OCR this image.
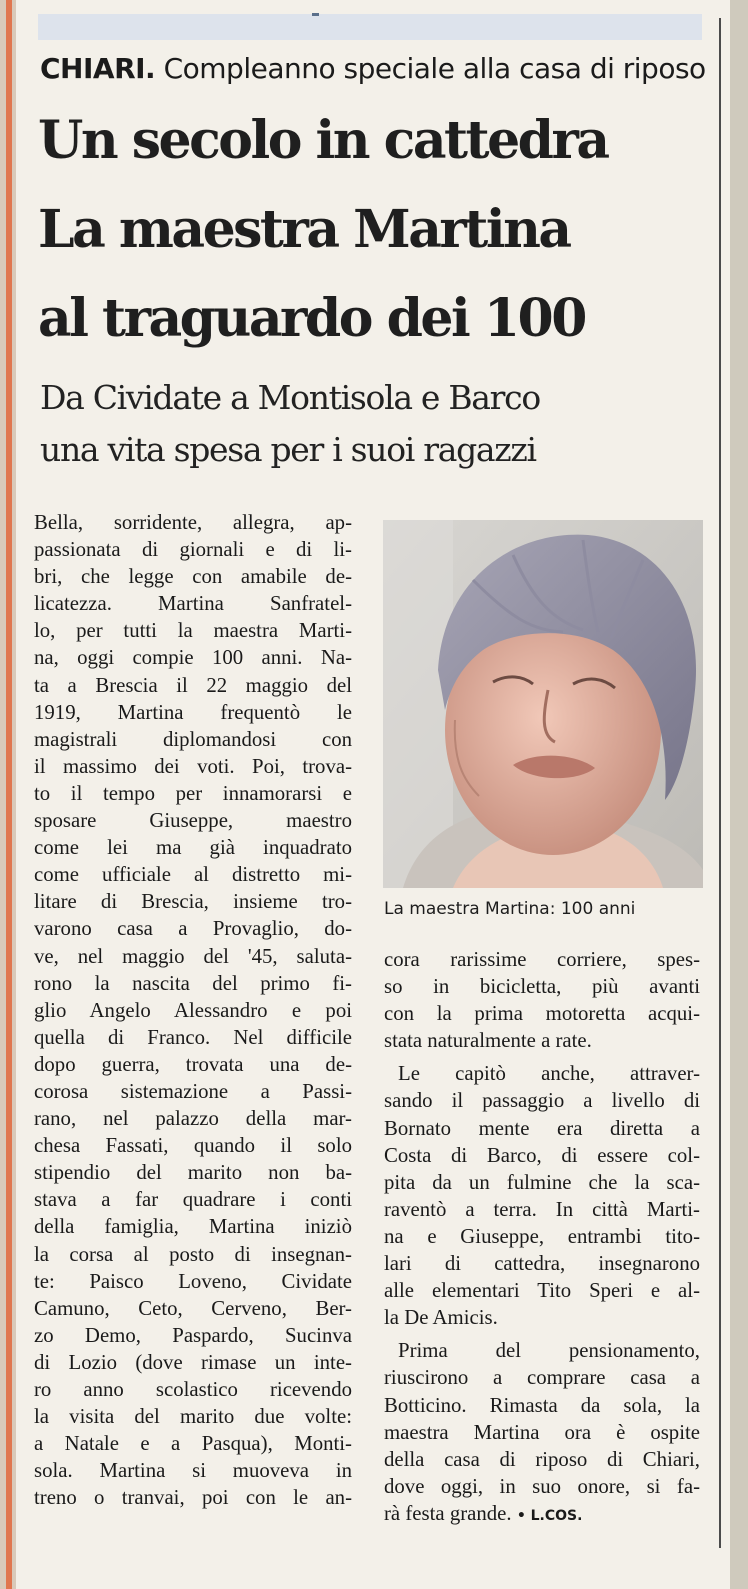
CHIARI. Compleanno speciale alla casa di riposo
Un secolo in cattedra
La maestra Martina
al traguardo dei 100
Da Cividate a Montisola e Barco
una vita spesa per i suoi ragazzi
Bella, sorridente, allegra, ap-
passionata di giornali e di li-
bri, che legge con amabile de-
licatezza. Martina Sanfratel-
lo, per tutti la maestra Marti-
na, oggi compie 100 anni. Na-
ta a Brescia il 22 maggio del
1919, Martina frequentò le
magistrali diplomandosi con
il massimo dei voti. Poi, trova-
to il tempo per innamorarsi e
sposare Giuseppe, maestro
come lei ma già inquadrato
come ufficiale al distretto mi-
litare di Brescia, insieme tro-
varono casa a Provaglio, do-
ve, nel maggio del '45, saluta-
rono la nascita del primo fi-
glio Angelo Alessandro e poi
quella di Franco. Nel difficile
dopo guerra, trovata una de-
corosa sistemazione a Passi-
rano, nel palazzo della mar-
chesa Fassati, quando il solo
stipendio del marito non ba-
stava a far quadrare i conti
della famiglia, Martina iniziò
la corsa al posto di insegnan-
te: Paisco Loveno, Cividate
Camuno, Ceto, Cerveno, Ber-
zo Demo, Paspardo, Sucinva
di Lozio (dove rimase un inte-
ro anno scolastico ricevendo
la visita del marito due volte:
a Natale e a Pasqua), Monti-
sola. Martina si muoveva in
treno o tranvai, poi con le an-
La maestra Martina: 100 anni
cora rarissime corriere, spes-
so in bicicletta, più avanti
con la prima motoretta acqui-
stata naturalmente a rate.
Le capitò anche, attraver-
sando il passaggio a livello di
Bornato mente era diretta a
Costa di Barco, di essere col-
pita da un fulmine che la sca-
raventò a terra. In città Marti-
na e Giuseppe, entrambi tito-
lari di cattedra, insegnarono
alle elementari Tito Speri e al-
la De Amicis.
Prima del pensionamento,
riuscirono a comprare casa a
Botticino. Rimasta da sola, la
maestra Martina ora è ospite
della casa di riposo di Chiari,
dove oggi, in suo onore, si fa-
rà festa grande. • L.COS.
